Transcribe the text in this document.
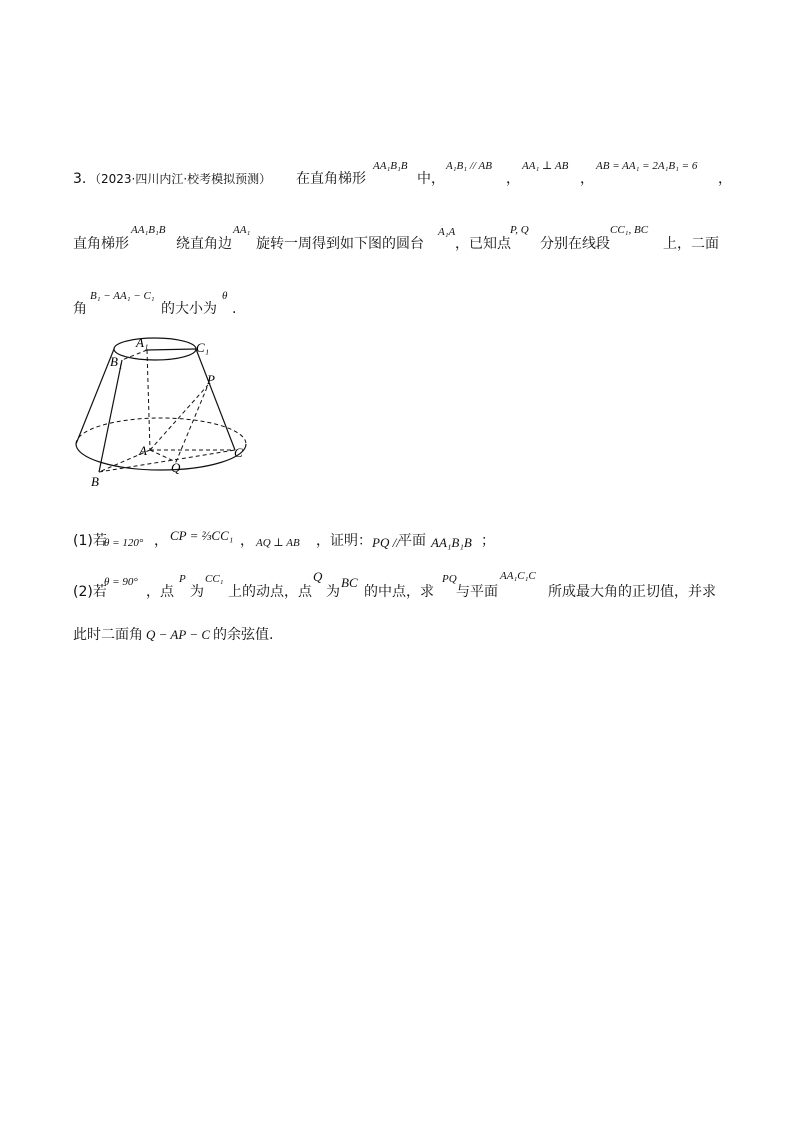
3. （2023·四川内江·校考模拟预测） 在直角梯形
AA₁B₁B
中，
A₁B₁ // AB
，
AA₁ ⊥ AB
，
AB = AA₁ = 2A₁B₁ = 6
，
直角梯形
AA₁B₁B
绕直角边
AA₁
旋转一周得到如下图的圆台
A₁A
，已知点
P, Q
分别在线段
CC₁, BC
上，二面
角
B₁ − AA₁ − C₁
的大小为
θ
.
A₁	C₁
B₁
P
A
Q
C
B
(1)若
θ = 120° ， CP = ⅔CC₁ ， AQ ⊥ AB ，证明： PQ //
平面 AA₁B₁B ；
(2)若
θ = 90°
，点
P
为
CC₁
上的动点，点
Q
为
BC
的中点，求
PQ
与平面
AA₁C₁C
所成最大角的正切值，并求
此时二面角 Q − AP − C 的余弦值.
